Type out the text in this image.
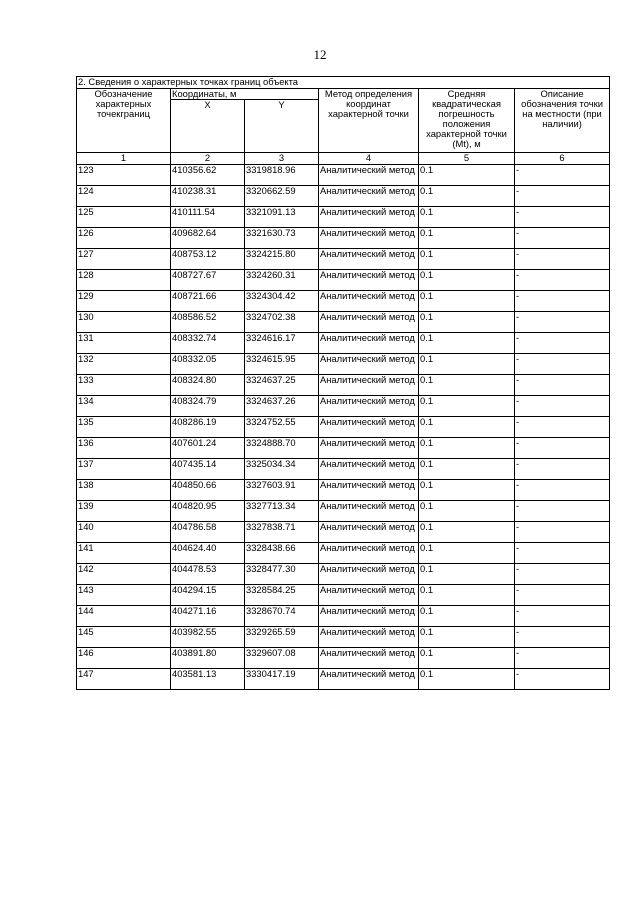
12
2. Сведения о характерных точках границ объекта					
Обозначение характерных точекграниц	Координаты, м		Метод определения координат характерной точки	Средняя квадратическая погрешность положения характерной точки (Mt), м	Описание обозначения точки на местности (при наличии)
	X	Y			
1	2	3	4	5	6
123	410356.62	3319818.96	Аналитический метод	0.1	-
124	410238.31	3320662.59	Аналитический метод	0.1	-
125	410111.54	3321091.13	Аналитический метод	0.1	-
126	409682.64	3321630.73	Аналитический метод	0.1	-
127	408753.12	3324215.80	Аналитический метод	0.1	-
128	408727.67	3324260.31	Аналитический метод	0.1	-
129	408721.66	3324304.42	Аналитический метод	0.1	-
130	408586.52	3324702.38	Аналитический метод	0.1	-
131	408332.74	3324616.17	Аналитический метод	0.1	-
132	408332.05	3324615.95	Аналитический метод	0.1	-
133	408324.80	3324637.25	Аналитический метод	0.1	-
134	408324.79	3324637.26	Аналитический метод	0.1	-
135	408286.19	3324752.55	Аналитический метод	0.1	-
136	407601.24	3324888.70	Аналитический метод	0.1	-
137	407435.14	3325034.34	Аналитический метод	0.1	-
138	404850.66	3327603.91	Аналитический метод	0.1	-
139	404820.95	3327713.34	Аналитический метод	0.1	-
140	404786.58	3327838.71	Аналитический метод	0.1	-
141	404624.40	3328438.66	Аналитический метод	0.1	-
142	404478.53	3328477.30	Аналитический метод	0.1	-
143	404294.15	3328584.25	Аналитический метод	0.1	-
144	404271.16	3328670.74	Аналитический метод	0.1	-
145	403982.55	3329265.59	Аналитический метод	0.1	-
146	403891.80	3329607.08	Аналитический метод	0.1	-
147	403581.13	3330417.19	Аналитический метод	0.1	-
